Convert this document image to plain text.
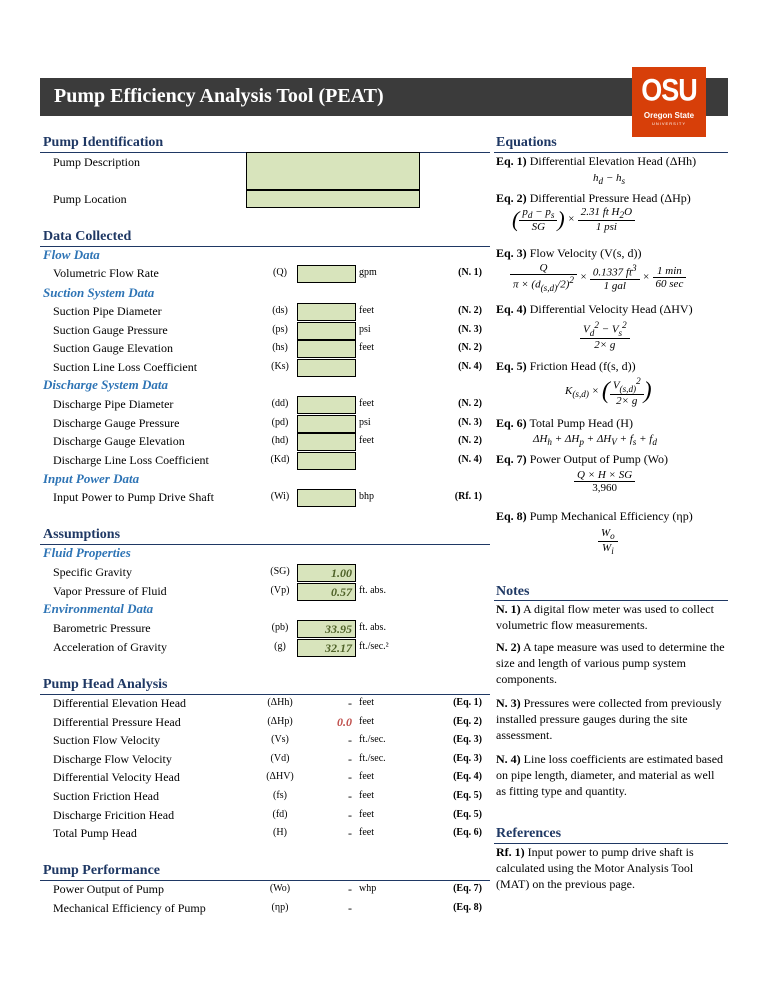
Pump Efficiency Analysis Tool (PEAT)	OSU
Oregon State
UNIVERSITY
Pump Identification
Pump Description
Pump Location
Data Collected
Flow Data
Volumetric Flow Rate	(Q)	gpm	(N. 1)
Suction System Data
Suction Pipe Diameter	(ds)	feet	(N. 2)
Suction Gauge Pressure	(ps)	psi	(N. 3)
Suction Gauge Elevation	(hs)	feet	(N. 2)
Suction Line Loss Coefficient	(Ks)	(N. 4)
Discharge System Data
Discharge Pipe Diameter	(dd)	feet	(N. 2)
Discharge Gauge Pressure	(pd)	psi	(N. 3)
Discharge Gauge Elevation	(hd)	feet	(N. 2)
Discharge Line Loss Coefficient	(Kd)	(N. 4)
Input Power Data
Input Power to Pump Drive Shaft	(Wi)	bhp	(Rf. 1)
Assumptions
Fluid Properties
Specific Gravity	(SG)	1.00
Vapor Pressure of Fluid	(Vp)	0.57 ft. abs.
Environmental Data
Barometric Pressure	(pb)	33.95 ft. abs.
Acceleration of Gravity	(g)	32.17 ft./sec.²
Pump Head Analysis
Differential Elevation Head	(ΔHh)	- feet	(Eq. 1)
Differential Pressure Head	(ΔHp)	0.0 feet	(Eq. 2)
Suction Flow Velocity	(Vs)	- ft./sec.	(Eq. 3)
Discharge Flow Velocity	(Vd)	- ft./sec.	(Eq. 3)
Differential Velocity Head	(ΔHV)	- feet	(Eq. 4)
Suction Friction Head	(fs)	- feet	(Eq. 5)
Discharge Fricition Head	(fd)	- feet	(Eq. 5)
Total Pump Head	(H)	- feet	(Eq. 6)
Pump Performance
Power Output of Pump	(Wo)	- whp	(Eq. 7)
Mechanical Efficiency of Pump	(ηp)	-	(Eq. 8)
Equations
Eq. 1) Differential Elevation Head (ΔHh)
$h_d - h_s$
Eq. 2) Differential Pressure Head (ΔHp)
( $\frac{p_d - p_s}{SG}$ ) × $\frac{2.31 ft H_2O}{\text{1 psi}}$
Eq. 3) Flow Velocity (V(s, d))
$\frac{Q}{\pi \times (d_{(s,d)}/2)^2} \times \frac{0.1337 ft^3}{\text{1 gal}} \times \frac{1 \min}{60 \sec}$
Eq. 4) Differential Velocity Head (ΔHV)
$\frac{V_d^2 - V_s^2}{2\times g}$
Eq. 5) Friction Head (f(s, d))
$K_{(s,d)}$ × ( $\frac{V_{(s,d)}^2}{2\times g}$ )
Eq. 6) Total Pump Head (H)
$\Delta H_h + \Delta H_p + \Delta H_V + f_s + f_d$
Eq. 7) Power Output of Pump (Wo)
$\frac{Q \times H \times SG}{3,960}$
Eq. 8) Pump Mechanical Efficiency (ηp)
$\frac{W_o}{W_i}$
Notes
N. 1) A digital flow meter was used to collect volumetric flow measurements.
N. 2) A tape measure was used to determine the size and length of various pump system components.
N. 3) Pressures were collected from previously installed pressure gauges during the site assessment.
N. 4) Line loss coefficients are estimated based on pipe length, diameter, and material as well as fitting type and quantity.
References
Rf. 1) Input power to pump drive shaft is calculated using the Motor Analysis Tool (MAT) on the previous page.
